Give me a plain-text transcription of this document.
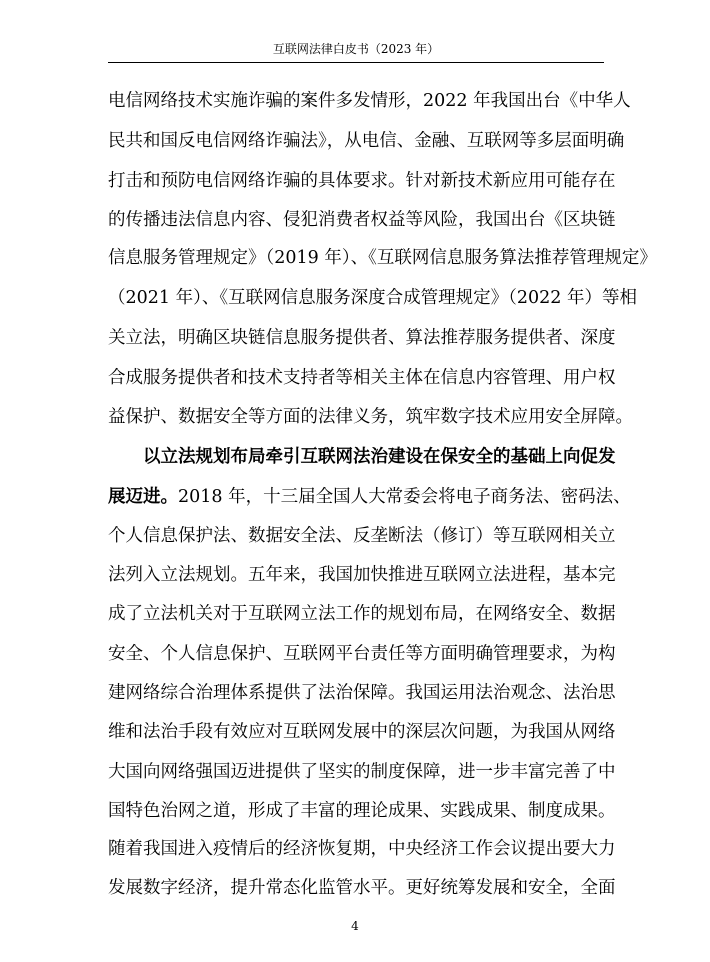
互联网法律白皮书（2023 年）
电信网络技术实施诈骗的案件多发情形，2022 年我国出台《中华人
民共和国反电信网络诈骗法》，从电信、金融、互联网等多层面明确
打击和预防电信网络诈骗的具体要求。针对新技术新应用可能存在
的传播违法信息内容、侵犯消费者权益等风险，我国出台《区块链
信息服务管理规定》（2019 年）、《互联网信息服务算法推荐管理规定》
（2021 年）、《互联网信息服务深度合成管理规定》（2022 年）等相
关立法，明确区块链信息服务提供者、算法推荐服务提供者、深度
合成服务提供者和技术支持者等相关主体在信息内容管理、用户权
益保护、数据安全等方面的法律义务，筑牢数字技术应用安全屏障。
以立法规划布局牵引互联网法治建设在保安全的基础上向促发
展迈进。2018 年，十三届全国人大常委会将电子商务法、密码法、
个人信息保护法、数据安全法、反垄断法（修订）等互联网相关立
法列入立法规划。五年来，我国加快推进互联网立法进程，基本完
成了立法机关对于互联网立法工作的规划布局，在网络安全、数据
安全、个人信息保护、互联网平台责任等方面明确管理要求，为构
建网络综合治理体系提供了法治保障。我国运用法治观念、法治思
维和法治手段有效应对互联网发展中的深层次问题，为我国从网络
大国向网络强国迈进提供了坚实的制度保障，进一步丰富完善了中
国特色治网之道，形成了丰富的理论成果、实践成果、制度成果。
随着我国进入疫情后的经济恢复期，中央经济工作会议提出要大力
发展数字经济，提升常态化监管水平。更好统筹发展和安全，全面
4
